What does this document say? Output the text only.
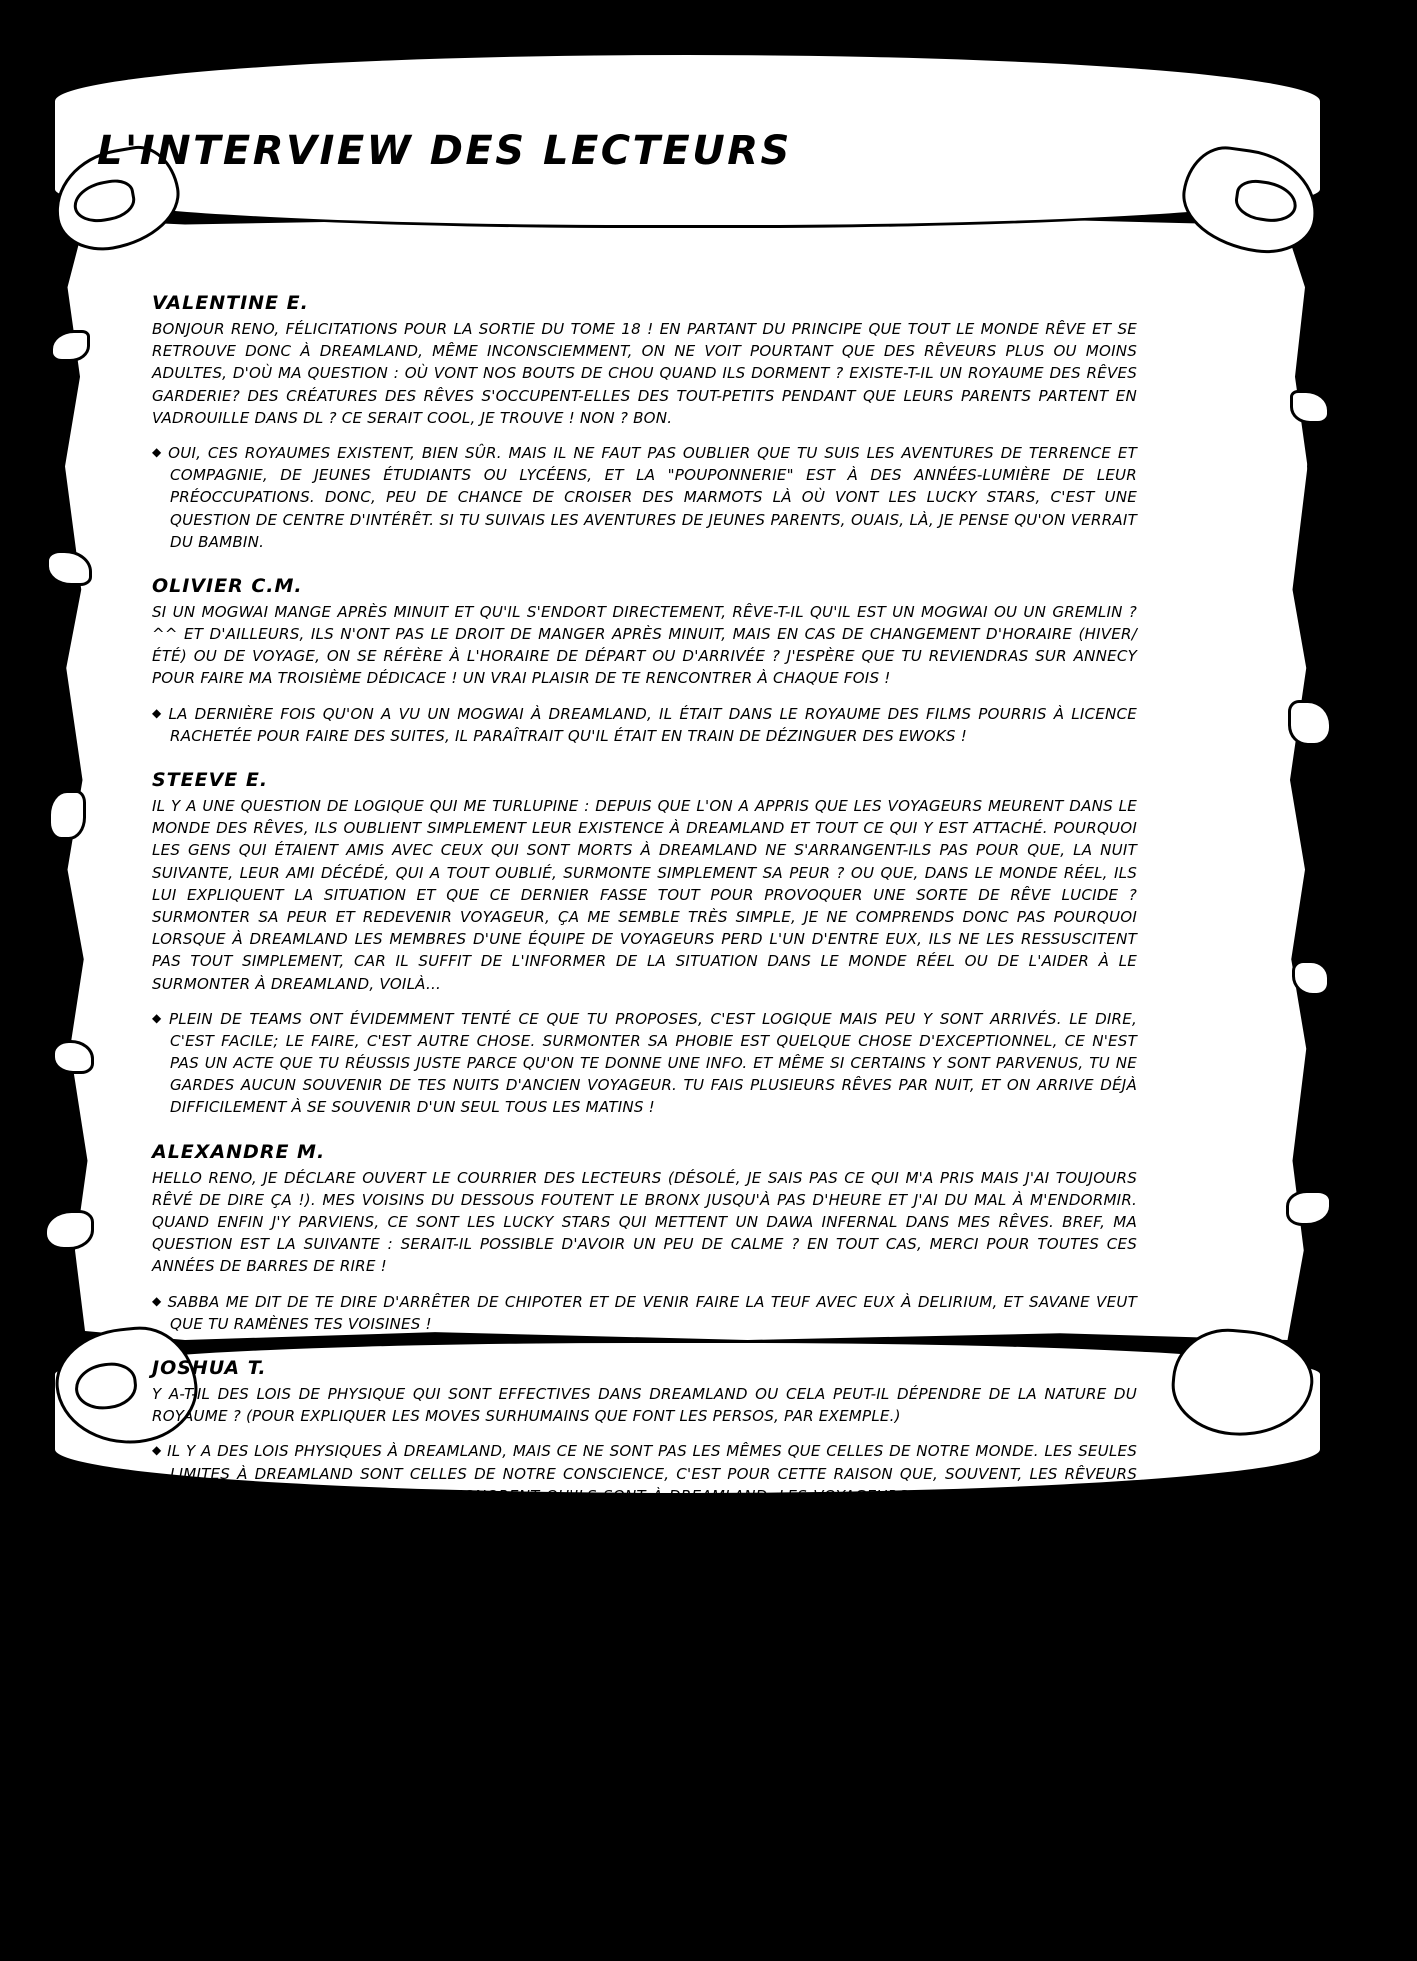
L'INTERVIEW DES LECTEURS
VALENTINE E.

BONJOUR RENO, FÉLICITATIONS POUR LA SORTIE DU TOME 18 ! EN PARTANT DU PRINCIPE QUE TOUT LE MONDE RÊVE ET SE RETROUVE DONC À DREAMLAND, MÊME INCONSCIEMMENT, ON NE VOIT POURTANT QUE DES RÊVEURS PLUS OU MOINS ADULTES, D'OÙ MA QUESTION : OÙ VONT NOS BOUTS DE CHOU QUAND ILS DORMENT ? EXISTE-T-IL UN ROYAUME DES RÊVES GARDERIE? DES CRÉATURES DES RÊVES S'OCCUPENT-ELLES DES TOUT-PETITS PENDANT QUE LEURS PARENTS PARTENT EN VADROUILLE DANS DL ? CE SERAIT COOL, JE TROUVE ! NON ? BON.

◆ OUI, CES ROYAUMES EXISTENT, BIEN SÛR. MAIS IL NE FAUT PAS OUBLIER QUE TU SUIS LES AVENTURES DE TERRENCE ET COMPAGNIE, DE JEUNES ÉTUDIANTS OU LYCÉENS, ET LA "POUPONNERIE" EST À DES ANNÉES-LUMIÈRE DE LEUR PRÉOCCUPATIONS. DONC, PEU DE CHANCE DE CROISER DES MARMOTS LÀ OÙ VONT LES LUCKY STARS, C'EST UNE QUESTION DE CENTRE D'INTÉRÊT. SI TU SUIVAIS LES AVENTURES DE JEUNES PARENTS, OUAIS, LÀ, JE PENSE QU'ON VERRAIT DU BAMBIN.

OLIVIER C.M.

SI UN MOGWAI MANGE APRÈS MINUIT ET QU'IL S'ENDORT DIRECTEMENT, RÊVE-T-IL QU'IL EST UN MOGWAI OU UN GREMLIN ? ^^ ET D'AILLEURS, ILS N'ONT PAS LE DROIT DE MANGER APRÈS MINUIT, MAIS EN CAS DE CHANGEMENT D'HORAIRE (HIVER/ÉTÉ) OU DE VOYAGE, ON SE RÉFÈRE À L'HORAIRE DE DÉPART OU D'ARRIVÉE ? J'ESPÈRE QUE TU REVIENDRAS SUR ANNECY POUR FAIRE MA TROISIÈME DÉDICACE ! UN VRAI PLAISIR DE TE RENCONTRER À CHAQUE FOIS !

◆ LA DERNIÈRE FOIS QU'ON A VU UN MOGWAI À DREAMLAND, IL ÉTAIT DANS LE ROYAUME DES FILMS POURRIS À LICENCE RACHETÉE POUR FAIRE DES SUITES, IL PARAÎTRAIT QU'IL ÉTAIT EN TRAIN DE DÉZINGUER DES EWOKS !

STEEVE E.

IL Y A UNE QUESTION DE LOGIQUE QUI ME TURLUPINE : DEPUIS QUE L'ON A APPRIS QUE LES VOYAGEURS MEURENT DANS LE MONDE DES RÊVES, ILS OUBLIENT SIMPLEMENT LEUR EXISTENCE À DREAMLAND ET TOUT CE QUI Y EST ATTACHÉ. POURQUOI LES GENS QUI ÉTAIENT AMIS AVEC CEUX QUI SONT MORTS À DREAMLAND NE S'ARRANGENT-ILS PAS POUR QUE, LA NUIT SUIVANTE, LEUR AMI DÉCÉDÉ, QUI A TOUT OUBLIÉ, SURMONTE SIMPLEMENT SA PEUR ? OU QUE, DANS LE MONDE RÉEL, ILS LUI EXPLIQUENT LA SITUATION ET QUE CE DERNIER FASSE TOUT POUR PROVOQUER UNE SORTE DE RÊVE LUCIDE ? SURMONTER SA PEUR ET REDEVENIR VOYAGEUR, ÇA ME SEMBLE TRÈS SIMPLE, JE NE COMPRENDS DONC PAS POURQUOI LORSQUE À DREAMLAND LES MEMBRES D'UNE ÉQUIPE DE VOYAGEURS PERD L'UN D'ENTRE EUX, ILS NE LES RESSUSCITENT PAS TOUT SIMPLEMENT, CAR IL SUFFIT DE L'INFORMER DE LA SITUATION DANS LE MONDE RÉEL OU DE L'AIDER À LE SURMONTER À DREAMLAND, VOILÀ...

◆ PLEIN DE TEAMS ONT ÉVIDEMMENT TENTÉ CE QUE TU PROPOSES, C'EST LOGIQUE MAIS PEU Y SONT ARRIVÉS. LE DIRE, C'EST FACILE; LE FAIRE, C'EST AUTRE CHOSE. SURMONTER SA PHOBIE EST QUELQUE CHOSE D'EXCEPTIONNEL, CE N'EST PAS UN ACTE QUE TU RÉUSSIS JUSTE PARCE QU'ON TE DONNE UNE INFO. ET MÊME SI CERTAINS Y SONT PARVENUS, TU NE GARDES AUCUN SOUVENIR DE TES NUITS D'ANCIEN VOYAGEUR. TU FAIS PLUSIEURS RÊVES PAR NUIT, ET ON ARRIVE DÉJÀ DIFFICILEMENT À SE SOUVENIR D'UN SEUL TOUS LES MATINS !

ALEXANDRE M.

HELLO RENO, JE DÉCLARE OUVERT LE COURRIER DES LECTEURS (DÉSOLÉ, JE SAIS PAS CE QUI M'A PRIS MAIS J'AI TOUJOURS RÊVÉ DE DIRE ÇA !). MES VOISINS DU DESSOUS FOUTENT LE BRONX JUSQU'À PAS D'HEURE ET J'AI DU MAL À M'ENDORMIR. QUAND ENFIN J'Y PARVIENS, CE SONT LES LUCKY STARS QUI METTENT UN DAWA INFERNAL DANS MES RÊVES. BREF, MA QUESTION EST LA SUIVANTE : SERAIT-IL POSSIBLE D'AVOIR UN PEU DE CALME ? EN TOUT CAS, MERCI POUR TOUTES CES ANNÉES DE BARRES DE RIRE !

◆ SABBA ME DIT DE TE DIRE D'ARRÊTER DE CHIPOTER ET DE VENIR FAIRE LA TEUF AVEC EUX À DELIRIUM, ET SAVANE VEUT QUE TU RAMÈNES TES VOISINES !

JOSHUA T.

Y A-T-IL DES LOIS DE PHYSIQUE QUI SONT EFFECTIVES DANS DREAMLAND OU CELA PEUT-IL DÉPENDRE DE LA NATURE DU ROYAUME ? (POUR EXPLIQUER LES MOVES SURHUMAINS QUE FONT LES PERSOS, PAR EXEMPLE.)

◆ IL Y A DES LOIS PHYSIQUES À DREAMLAND, MAIS CE NE SONT PAS LES MÊMES QUE CELLES DE NOTRE MONDE. LES SEULES LIMITES À DREAMLAND SONT CELLES DE NOTRE CONSCIENCE, C'EST POUR CETTE RAISON QUE, SOUVENT, LES RÊVEURS ONT LES PLEINS POUVOIRS CAR ILS IGNORENT QU'ILS SONT À DREAMLAND. LES VOYAGEURS QUI, EUX, ONT CONSCIENCE DE DREAMLAND SONT DONC RESTREINTS PAR CETTE PENSÉE, ET LES PLUS FORTS DES VOYAGEURS SONT CEUX QUI, À FORCE D'EXPÉRIENCE, DÉPASSENT LEUR CONSCIENCE ET DONC LEURS LIMITES.
